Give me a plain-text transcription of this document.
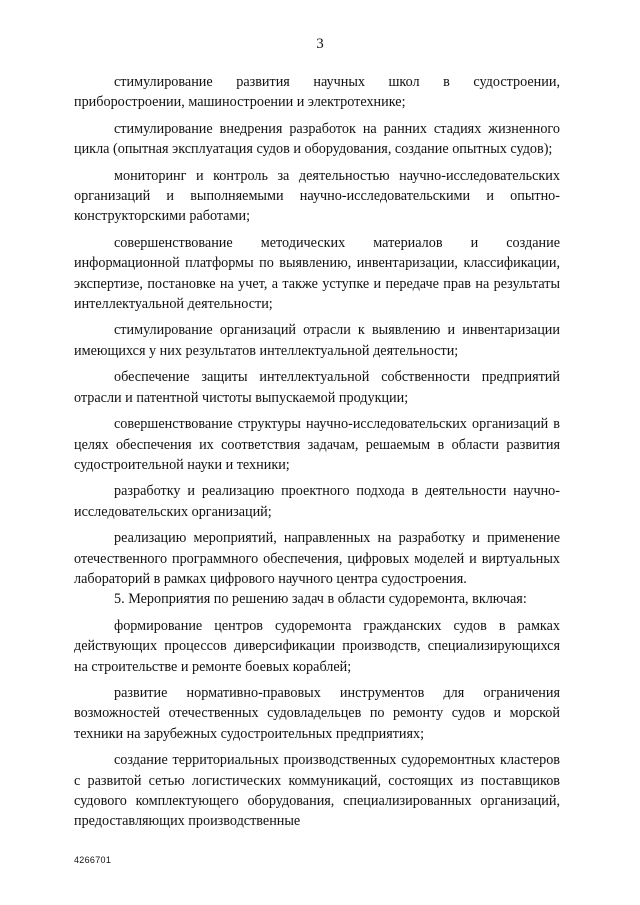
3

стимулирование развития научных школ в судостроении, приборостроении, машиностроении и электротехнике;

стимулирование внедрения разработок на ранних стадиях жизненного цикла (опытная эксплуатация судов и оборудования, создание опытных судов);

мониторинг и контроль за деятельностью научно-исследовательских организаций и выполняемыми научно-исследовательскими и опытно-конструкторскими работами;

совершенствование методических материалов и создание информационной платформы по выявлению, инвентаризации, классификации, экспертизе, постановке на учет, а также уступке и передаче прав на результаты интеллектуальной деятельности;

стимулирование организаций отрасли к выявлению и инвентаризации имеющихся у них результатов интеллектуальной деятельности;

обеспечение защиты интеллектуальной собственности предприятий отрасли и патентной чистоты выпускаемой продукции;

совершенствование структуры научно-исследовательских организаций в целях обеспечения их соответствия задачам, решаемым в области развития судостроительной науки и техники;

разработку и реализацию проектного подхода в деятельности научно-исследовательских организаций;

реализацию мероприятий, направленных на разработку и применение отечественного программного обеспечения, цифровых моделей и виртуальных лабораторий в рамках цифрового научного центра судостроения.

5. Мероприятия по решению задач в области судоремонта, включая:

формирование центров судоремонта гражданских судов в рамках действующих процессов диверсификации производств, специализирующихся на строительстве и ремонте боевых кораблей;

развитие нормативно-правовых инструментов для ограничения возможностей отечественных судовладельцев по ремонту судов и морской техники на зарубежных судостроительных предприятиях;

создание территориальных производственных судоремонтных кластеров с развитой сетью логистических коммуникаций, состоящих из поставщиков судового комплектующего оборудования, специализированных организаций, предоставляющих производственные

4266701
